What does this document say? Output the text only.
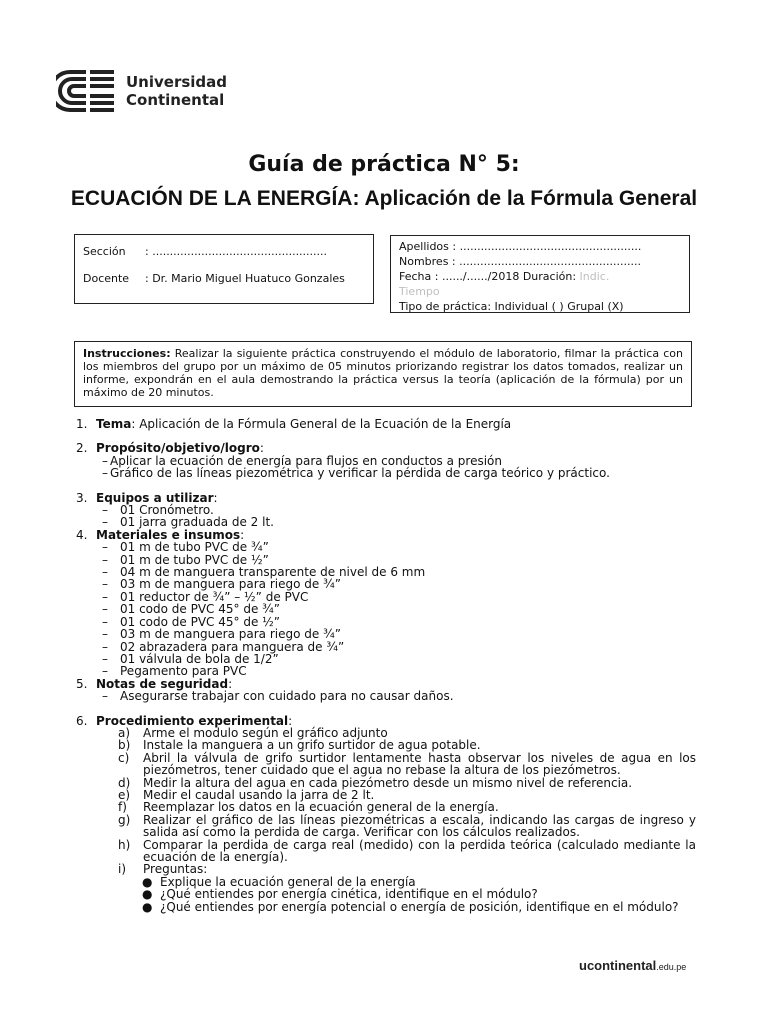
Universidad
Continental
Guía de práctica N° 5:
ECUACIÓN DE LA ENERGÍA: Aplicación de la Fórmula General
Sección	: ..................................................
Docente	: Dr. Mario Miguel Huatuco Gonzales
Apellidos : ....................................................
Nombres : ....................................................
Fecha : ....../....../2018 Duración: Indic.
Tiempo
Tipo de práctica: Individual ( ) Grupal (X)
Instrucciones: Realizar la siguiente práctica construyendo el módulo de laboratorio, filmar la práctica con los miembros del grupo por un máximo de 05 minutos priorizando registrar los datos tomados, realizar un informe, expondrán en el aula demostrando la práctica versus la teoría (aplicación de la fórmula) por un máximo de 20 minutos.
1. Tema: Aplicación de la Fórmula General de la Ecuación de la Energía
2. Propósito/objetivo/logro:
– Aplicar la ecuación de energía para flujos en conductos a presión
– Gráfico de las líneas piezométrica y verificar la pérdida de carga teórico y práctico.
3. Equipos a utilizar:
–	01 Cronómetro.
–	01 jarra graduada de 2 lt.
4. Materiales e insumos:
–	01 m de tubo PVC de ¾”
–	01 m de tubo PVC de ½”
–	04 m de manguera transparente de nivel de 6 mm
–	03 m de manguera para riego de ¾”
–	01 reductor de ¾” – ½” de PVC
–	01 codo de PVC 45° de ¾”
–	01 codo de PVC 45° de ½”
–	03 m de manguera para riego de ¾”
–	02 abrazadera para manguera de ¾”
–	01 válvula de bola de 1/2”
–	Pegamento para PVC
5. Notas de seguridad:
–	Asegurarse trabajar con cuidado para no causar daños.
6. Procedimiento experimental:
a)	Arme el modulo según el gráfico adjunto
b)	Instale la manguera a un grifo surtidor de agua potable.
c)	Abril la válvula de grifo surtidor lentamente hasta observar los niveles de agua en los piezómetros, tener cuidado que el agua no rebase la altura de los piezómetros.
d)	Medir la altura del agua en cada piezómetro desde un mismo nivel de referencia.
e)	Medir el caudal usando la jarra de 2 lt.
f)	Reemplazar los datos en la ecuación general de la energía.
g)	Realizar el gráfico de las líneas piezométricas a escala, indicando las cargas de ingreso y salida así como la perdida de carga. Verificar con los cálculos realizados.
h)	Comparar la perdida de carga real (medido) con la perdida teórica (calculado mediante la ecuación de la energía).
i)	Preguntas:
● Explique la ecuación general de la energía
● ¿Qué entiendes por energía cinética, identifique en el módulo?
● ¿Qué entiendes por energía potencial o energía de posición, identifique en el módulo?
ucontinental.edu.pe
